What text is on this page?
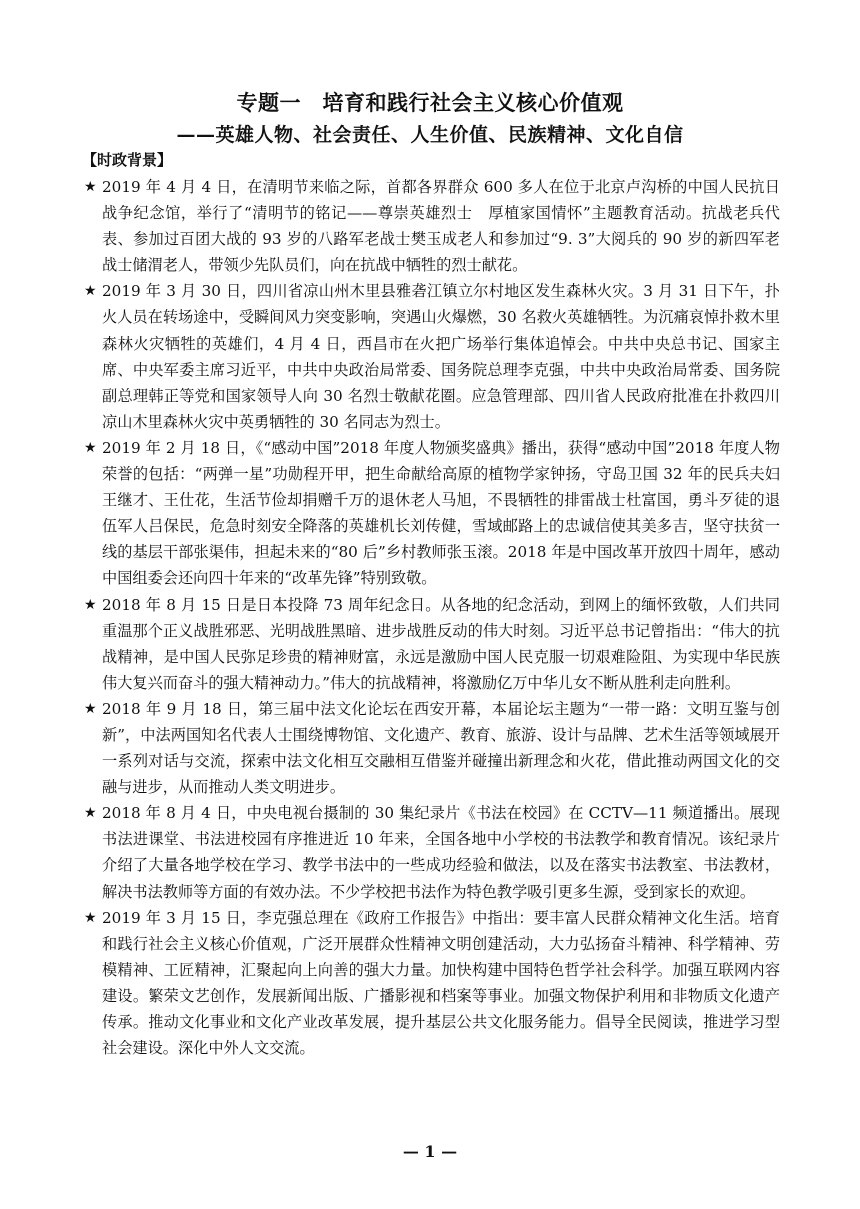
专题一　培育和践行社会主义核心价值观
——英雄人物、社会责任、人生价值、民族精神、文化自信
【时政背景】
★ 2019 年 4 月 4 日，在清明节来临之际，首都各界群众 600 多人在位于北京卢沟桥的中国人民抗日战争纪念馆，举行了“清明节的铭记——尊崇英雄烈士　厚植家国情怀”主题教育活动。抗战老兵代表、参加过百团大战的 93 岁的八路军老战士樊玉成老人和参加过“9. 3”大阅兵的 90 岁的新四军老战士储渭老人，带领少先队员们，向在抗战中牺牲的烈士献花。
★ 2019 年 3 月 30 日，四川省凉山州木里县雅砻江镇立尔村地区发生森林火灾。3 月 31 日下午，扑火人员在转场途中，受瞬间风力突变影响，突遇山火爆燃，30 名救火英雄牺牲。为沉痛哀悼扑救木里森林火灾牺牲的英雄们，4 月 4 日，西昌市在火把广场举行集体追悼会。中共中央总书记、国家主席、中央军委主席习近平，中共中央政治局常委、国务院总理李克强，中共中央政治局常委、国务院副总理韩正等党和国家领导人向 30 名烈士敬献花圈。应急管理部、四川省人民政府批准在扑救四川凉山木里森林火灾中英勇牺牲的 30 名同志为烈士。
★ 2019 年 2 月 18 日，《“感动中国”2018 年度人物颁奖盛典》播出，获得“感动中国”2018 年度人物荣誉的包括：“两弹一星”功勋程开甲，把生命献给高原的植物学家钟扬，守岛卫国 32 年的民兵夫妇王继才、王仕花，生活节俭却捐赠千万的退休老人马旭，不畏牺牲的排雷战士杜富国，勇斗歹徒的退伍军人吕保民，危急时刻安全降落的英雄机长刘传健，雪域邮路上的忠诚信使其美多吉，坚守扶贫一线的基层干部张渠伟，担起未来的“80 后”乡村教师张玉滚。2018 年是中国改革开放四十周年，感动中国组委会还向四十年来的“改革先锋”特别致敬。
★ 2018 年 8 月 15 日是日本投降 73 周年纪念日。从各地的纪念活动，到网上的缅怀致敬，人们共同重温那个正义战胜邪恶、光明战胜黑暗、进步战胜反动的伟大时刻。习近平总书记曾指出：“伟大的抗战精神，是中国人民弥足珍贵的精神财富，永远是激励中国人民克服一切艰难险阻、为实现中华民族伟大复兴而奋斗的强大精神动力。”伟大的抗战精神，将激励亿万中华儿女不断从胜利走向胜利。
★ 2018 年 9 月 18 日，第三届中法文化论坛在西安开幕，本届论坛主题为“一带一路：文明互鉴与创新”，中法两国知名代表人士围绕博物馆、文化遗产、教育、旅游、设计与品牌、艺术生活等领域展开一系列对话与交流，探索中法文化相互交融相互借鉴并碰撞出新理念和火花，借此推动两国文化的交融与进步，从而推动人类文明进步。
★ 2018 年 8 月 4 日，中央电视台摄制的 30 集纪录片《书法在校园》在 CCTV—11 频道播出。展现书法进课堂、书法进校园有序推进近 10 年来，全国各地中小学校的书法教学和教育情况。该纪录片介绍了大量各地学校在学习、教学书法中的一些成功经验和做法，以及在落实书法教室、书法教材，解决书法教师等方面的有效办法。不少学校把书法作为特色教学吸引更多生源，受到家长的欢迎。
★ 2019 年 3 月 15 日，李克强总理在《政府工作报告》中指出：要丰富人民群众精神文化生活。培育和践行社会主义核心价值观，广泛开展群众性精神文明创建活动，大力弘扬奋斗精神、科学精神、劳模精神、工匠精神，汇聚起向上向善的强大力量。加快构建中国特色哲学社会科学。加强互联网内容建设。繁荣文艺创作，发展新闻出版、广播影视和档案等事业。加强文物保护利用和非物质文化遗产传承。推动文化事业和文化产业改革发展，提升基层公共文化服务能力。倡导全民阅读，推进学习型社会建设。深化中外人文交流。
— 1 —
